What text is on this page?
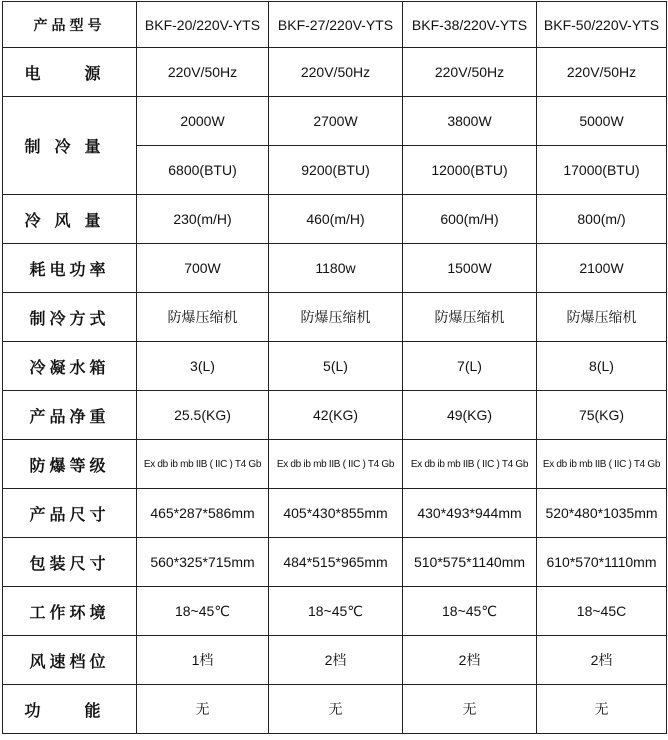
产品型号	BKF-20/220V-YTS	BKF-27/220V-YTS	BKF-38/220V-YTS	BKF-50/220V-YTS
电　源	220V/50Hz	220V/50Hz	220V/50Hz	220V/50Hz
制冷量	2000W	2700W	3800W	5000W
	6800(BTU)	9200(BTU)	12000(BTU)	17000(BTU)
冷风量	230(m/H)	460(m/H)	600(m/H)	800(m/)
耗电功率	700W	1180w	1500W	2100W
制冷方式	防爆压缩机	防爆压缩机	防爆压缩机	防爆压缩机
冷凝水箱	3(L)	5(L)	7(L)	8(L)
产品净重	25.5(KG)	42(KG)	49(KG)	75(KG)
防爆等级	Ex db ib mb IIB ( IIC ) T4 Gb	Ex db ib mb IIB ( IIC ) T4 Gb	Ex db ib mb IIB ( IIC ) T4 Gb	Ex db ib mb IIB ( IIC ) T4 Gb
产品尺寸	465*287*586mm	405*430*855mm	430*493*944mm	520*480*1035mm
包装尺寸	560*325*715mm	484*515*965mm	510*575*1140mm	610*570*1110mm
工作环境	18~45℃	18~45℃	18~45℃	18~45C
风速档位	1档	2档	2档	2档
功　能	无	无	无	无
